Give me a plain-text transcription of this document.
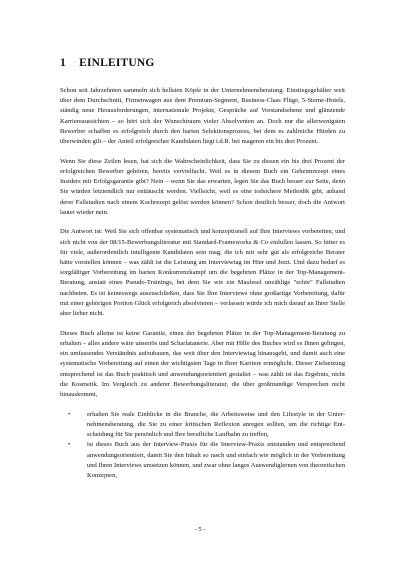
1 EINLEITUNG

Schon seit Jahrzehnten sammeln sich hellsten Köpfe in der Unternehmensberatung. Einstiegsgehälter weit über dem Durchschnitt, Firmenwagen aus dem Premium-Segment, Business-Class Flüge, 5-Sterne-Hotels, ständig neue Herausforderungen, internationale Projekte, Gespräche auf Vorstandsebene und glänzende Karriereaussichten – so hört sich der Wunschtraum vieler Absolventen an. Doch nur die allerwenigsten Bewerber schaffen es erfolgreich durch den harten Selektionsprozess, bei dem es zahlreiche Hürden zu überwinden gilt – der Anteil erfolgreicher Kandidaten liegt i.d.R. bei mageren ein bis drei Prozent.

Wenn Sie diese Zeilen lesen, hat sich die Wahrscheinlichkeit, dass Sie zu diesen ein bis drei Prozent der erfolgreichen Bewerber gehören, bereits vervielfacht. Weil es in diesem Buch ein Geheimrezept eines Insiders mit Erfolgsgarantie gibt? Nein – wenn Sie das erwarten, legen Sie das Buch besser zur Seite, denn Sie würden letztendlich nur enttäuscht werden. Vielleicht, weil es eine todsichere Methodik gibt, anhand derer Fallstudien nach einem Kochrezept gelöst werden können? Schon deutlich besser, doch die Antwort lautet wieder nein.

Die Antwort ist: Weil Sie sich offenbar systematisch und konzeptionell auf Ihre Interviews vorbereiten, und sich nicht von der 08/15-Bewerbungsliteratur mit Standard-Frameworks & Co einlullen lassen. So bitter es für viele, außerordentlich intelligente Kandidaten sein mag, die ich mir sehr gut als erfolgreiche Berater hätte vorstellen können – was zählt ist die Leistung am Interviewtag im Hier und Jetzt. Und dazu bedarf es sorgfältiger Vorbereitung im harten Konkurrenzkampf um die begehrten Plätze in der Top-Management-Beratung, anstatt eines Pseudo-Trainings, bei dem Sie wie ein Maulesel unzählige "echte" Fallstudien nachbeten. Es ist keineswegs auszuschließen, dass Sie Ihre Interviews ohne großartige Vorbereitung, dafür mit einer gehörigen Portion Glück erfolgreich absolvieren – verlassen würde ich mich darauf an Ihrer Stelle aber lieber nicht.

Dieses Buch alleine ist keine Garantie, einen der begehrten Plätze in der Top-Management-Beratung zu erhalten – alles andere wäre unseriös und Scharlatanerie. Aber mit Hilfe des Buches wird es Ihnen gelingen, ein umfassendes Verständnis aufzubauen, das weit über den Interviewtag hinausgeht, und damit auch eine systematische Vorbereitung auf einen der wichtigsten Tage in Ihrer Karriere ermöglicht. Dieser Zielsetzung entsprechend ist das Buch praktisch und anwendungsorientiert gestaltet – was zählt ist das Ergebnis, nicht die Kosmetik. Im Vergleich zu anderer Bewerbungsliteratur, die über großmundige Versprechen nicht hinauskommt,

•	erhalten Sie reale Einblicke in die Branche, die Arbeitsweise und den Lifestyle in der Unternehmensberatung, die Sie zu einer kritischen Reflexion anregen sollten, um die richtige Entscheidung für Sie persönlich und Ihre berufliche Laufbahn zu treffen,
•	ist dieses Buch aus der Interview-Praxis für die Interview-Praxis entstanden und entsprechend anwendungsorientiert, damit Sie den Inhalt so rasch und einfach wie möglich in der Vorbereitung und Ihren Interviews umsetzen können, und zwar ohne langes Auswendiglernen von theoretischen Konzepten,
- 5 -
